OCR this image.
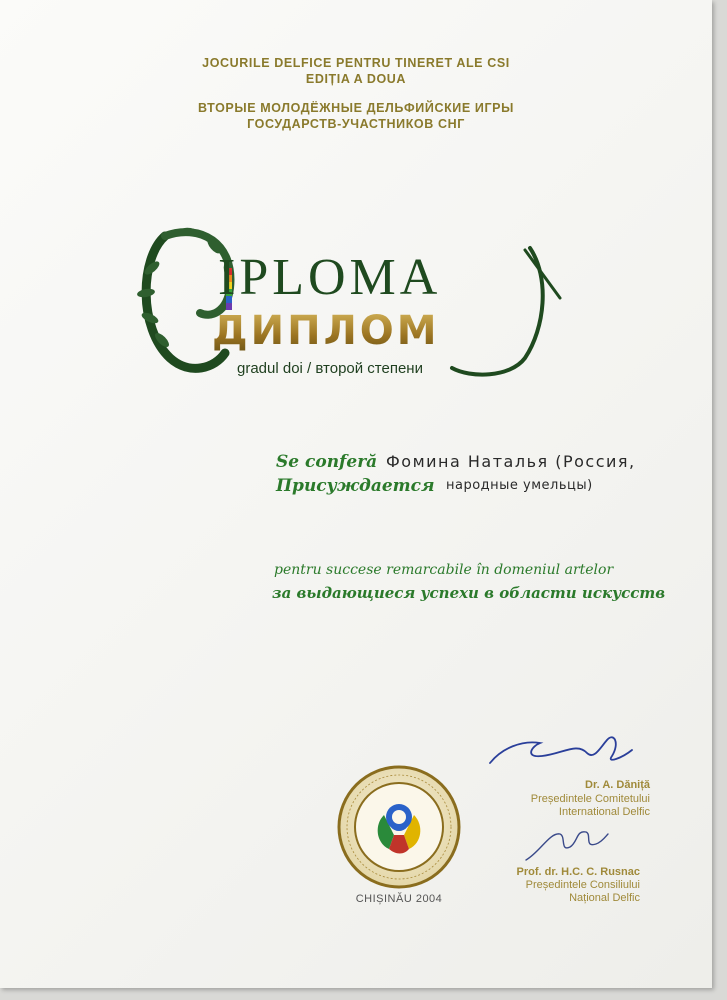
JOCURILE DELFICE PENTRU TINERET ALE CSI
EDIȚIA A DOUA
ВТОРЫЕ МОЛОДЁЖНЫЕ ДЕЛЬФИЙСКИЕ ИГРЫ
ГОСУДАРСТВ-УЧАСТНИКОВ СНГ
IPLOMA
ДИПЛОМ
gradul doi / второй степени
Se conferă
Присуждается
Фомина Наталья (Россия,
народные умельцы)
pentru succese remarcabile în domeniul artelor
за выдающиеся успехи в области искусств
Dr. A. Dăniță
Președintele Comitetului
International Delfic
Prof. dr. H.C. C. Rusnac
Președintele Consiliului
Național Delfic
CHIȘINĂU 2004
